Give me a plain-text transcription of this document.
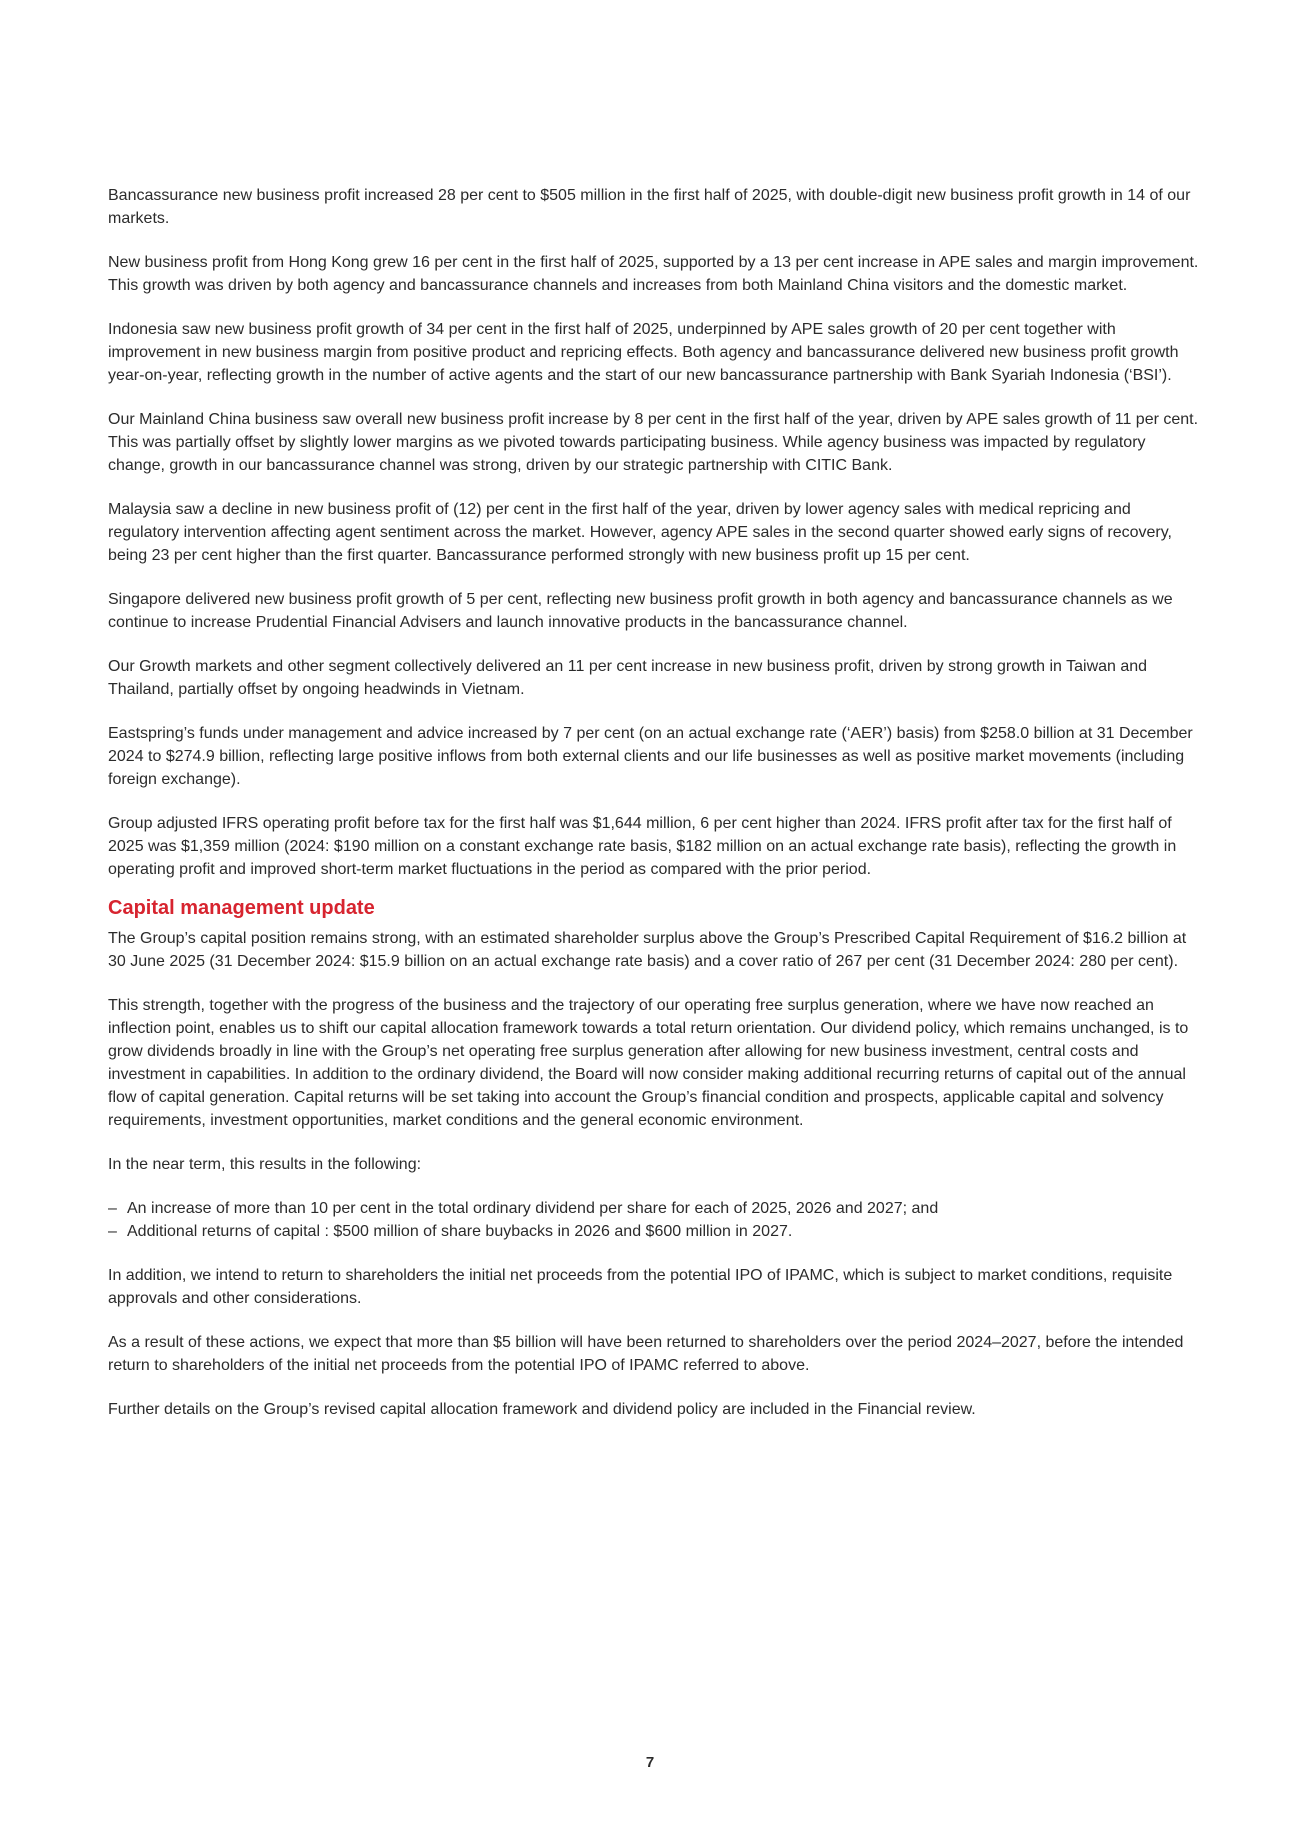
Bancassurance new business profit increased 28 per cent to $505 million in the first half of 2025, with double-digit new business profit growth in 14 of our markets.

New business profit from Hong Kong grew 16 per cent in the first half of 2025, supported by a 13 per cent increase in APE sales and margin improvement. This growth was driven by both agency and bancassurance channels and increases from both Mainland China visitors and the domestic market.

Indonesia saw new business profit growth of 34 per cent in the first half of 2025, underpinned by APE sales growth of 20 per cent together with improvement in new business margin from positive product and repricing effects. Both agency and bancassurance delivered new business profit growth year-on-year, reflecting growth in the number of active agents and the start of our new bancassurance partnership with Bank Syariah Indonesia (‘BSI’).

Our Mainland China business saw overall new business profit increase by 8 per cent in the first half of the year, driven by APE sales growth of 11 per cent. This was partially offset by slightly lower margins as we pivoted towards participating business. While agency business was impacted by regulatory change, growth in our bancassurance channel was strong, driven by our strategic partnership with CITIC Bank.

Malaysia saw a decline in new business profit of (12) per cent in the first half of the year, driven by lower agency sales with medical repricing and regulatory intervention affecting agent sentiment across the market. However, agency APE sales in the second quarter showed early signs of recovery, being 23 per cent higher than the first quarter. Bancassurance performed strongly with new business profit up 15 per cent.

Singapore delivered new business profit growth of 5 per cent, reflecting new business profit growth in both agency and bancassurance channels as we continue to increase Prudential Financial Advisers and launch innovative products in the bancassurance channel.

Our Growth markets and other segment collectively delivered an 11 per cent increase in new business profit, driven by strong growth in Taiwan and Thailand, partially offset by ongoing headwinds in Vietnam.

Eastspring’s funds under management and advice increased by 7 per cent (on an actual exchange rate (‘AER’) basis) from $258.0 billion at 31 December 2024 to $274.9 billion, reflecting large positive inflows from both external clients and our life businesses as well as positive market movements (including foreign exchange).

Group adjusted IFRS operating profit before tax for the first half was $1,644 million, 6 per cent higher than 2024. IFRS profit after tax for the first half of 2025 was $1,359 million (2024: $190 million on a constant exchange rate basis, $182 million on an actual exchange rate basis), reflecting the growth in operating profit and improved short-term market fluctuations in the period as compared with the prior period.

Capital management update

The Group’s capital position remains strong, with an estimated shareholder surplus above the Group’s Prescribed Capital Requirement of $16.2 billion at 30 June 2025 (31 December 2024: $15.9 billion on an actual exchange rate basis) and a cover ratio of 267 per cent (31 December 2024: 280 per cent).

This strength, together with the progress of the business and the trajectory of our operating free surplus generation, where we have now reached an inflection point, enables us to shift our capital allocation framework towards a total return orientation. Our dividend policy, which remains unchanged, is to grow dividends broadly in line with the Group’s net operating free surplus generation after allowing for new business investment, central costs and investment in capabilities. In addition to the ordinary dividend, the Board will now consider making additional recurring returns of capital out of the annual flow of capital generation. Capital returns will be set taking into account the Group’s financial condition and prospects, applicable capital and solvency requirements, investment opportunities, market conditions and the general economic environment.

In the near term, this results in the following:

– An increase of more than 10 per cent in the total ordinary dividend per share for each of 2025, 2026 and 2027; and
– Additional returns of capital : $500 million of share buybacks in 2026 and $600 million in 2027.

In addition, we intend to return to shareholders the initial net proceeds from the potential IPO of IPAMC, which is subject to market conditions, requisite approvals and other considerations.

As a result of these actions, we expect that more than $5 billion will have been returned to shareholders over the period 2024–2027, before the intended return to shareholders of the initial net proceeds from the potential IPO of IPAMC referred to above.

Further details on the Group’s revised capital allocation framework and dividend policy are included in the Financial review.

7
